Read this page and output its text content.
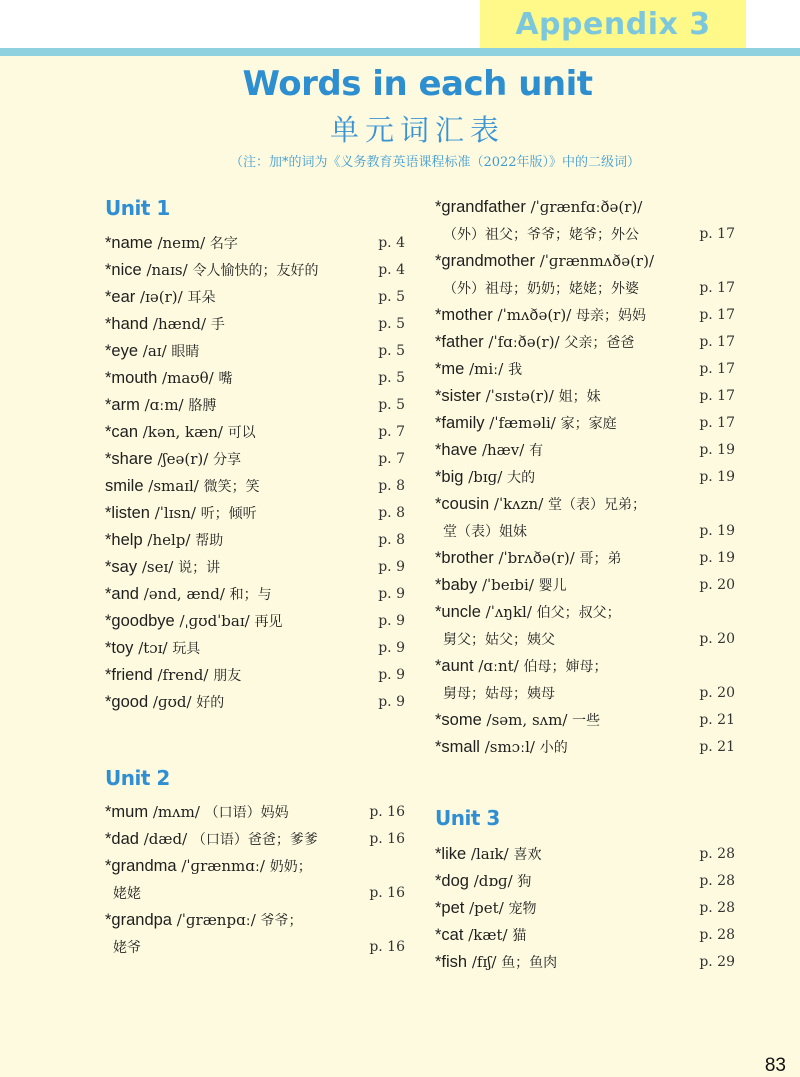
Appendix 3
Words in each unit
单元词汇表
（注：加*的词为《义务教育英语课程标准（2022年版）》中的二级词）
Unit 1
*name /neɪm/ 名字	p. 4
*nice /naɪs/ 令人愉快的；友好的	p. 4
*ear /ɪə(r)/ 耳朵	p. 5
*hand /hænd/ 手	p. 5
*eye /aɪ/ 眼睛	p. 5
*mouth /maʊθ/ 嘴	p. 5
*arm /ɑːm/ 胳膊	p. 5
*can /kən, kæn/ 可以	p. 7
*share /ʃeə(r)/ 分享	p. 7
smile /smaɪl/ 微笑；笑	p. 8
*listen /ˈlɪsn/ 听；倾听	p. 8
*help /help/ 帮助	p. 8
*say /seɪ/ 说；讲	p. 9
*and /ənd, ænd/ 和；与	p. 9
*goodbye /ˌɡʊdˈbaɪ/ 再见	p. 9
*toy /tɔɪ/ 玩具	p. 9
*friend /frend/ 朋友	p. 9
*good /ɡʊd/ 好的	p. 9
Unit 2
*mum /mʌm/ （口语）妈妈	p. 16
*dad /dæd/ （口语）爸爸；爹爹	p. 16
*grandma /ˈɡrænmɑː/ 奶奶；
姥姥	p. 16
*grandpa /ˈɡrænpɑː/ 爷爷；
姥爷	p. 16
*grandfather /ˈɡrænfɑːðə(r)/
（外）祖父；爷爷；姥爷；外公	p. 17
*grandmother /ˈɡrænmʌðə(r)/
（外）祖母；奶奶；姥姥；外婆	p. 17
*mother /ˈmʌðə(r)/ 母亲；妈妈	p. 17
*father /ˈfɑːðə(r)/ 父亲；爸爸	p. 17
*me /miː/ 我	p. 17
*sister /ˈsɪstə(r)/ 姐；妹	p. 17
*family /ˈfæməli/ 家；家庭	p. 17
*have /hæv/ 有	p. 19
*big /bɪɡ/ 大的	p. 19
*cousin /ˈkʌzn/ 堂（表）兄弟；
堂（表）姐妹	p. 19
*brother /ˈbrʌðə(r)/ 哥；弟	p. 19
*baby /ˈbeɪbi/ 婴儿	p. 20
*uncle /ˈʌŋkl/ 伯父；叔父；
舅父；姑父；姨父	p. 20
*aunt /ɑːnt/ 伯母；婶母；
舅母；姑母；姨母	p. 20
*some /səm, sʌm/ 一些	p. 21
*small /smɔːl/ 小的	p. 21
Unit 3
*like /laɪk/ 喜欢	p. 28
*dog /dɒɡ/ 狗	p. 28
*pet /pet/ 宠物	p. 28
*cat /kæt/ 猫	p. 28
*fish /fɪʃ/ 鱼；鱼肉	p. 29
83
